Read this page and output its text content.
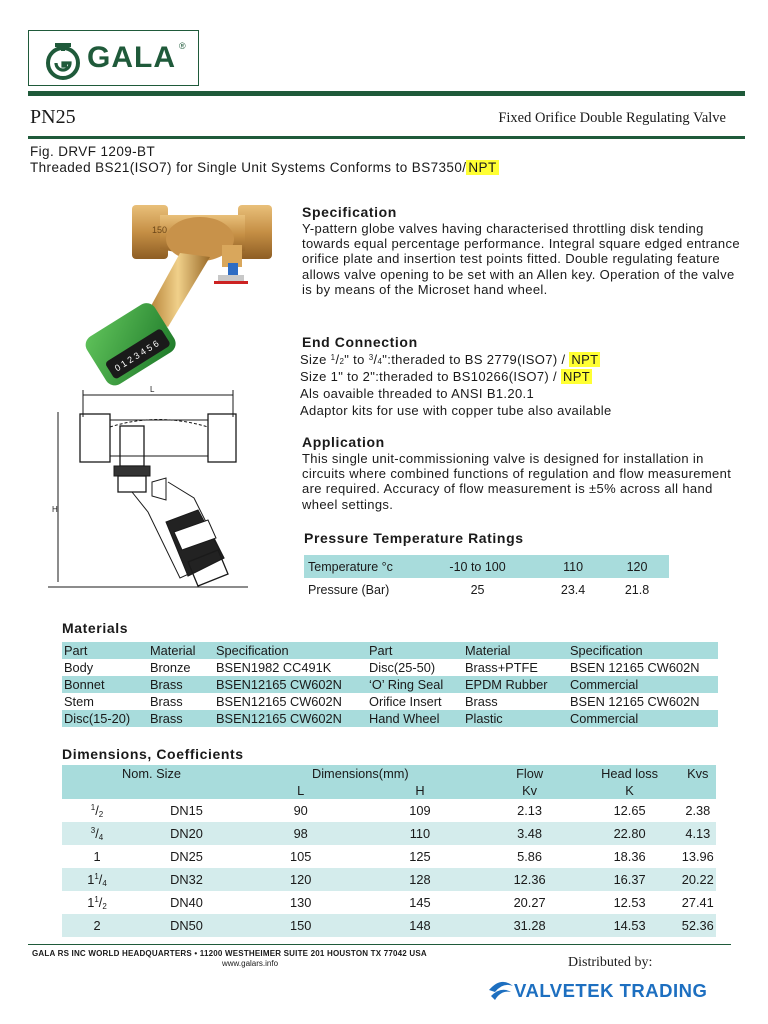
GALA ®
PN25	Fixed Orifice Double Regulating Valve
Fig. DRVF 1209-BT
Threaded BS21(ISO7) for Single Unit Systems Conforms to BS7350/ NPT
150
0 1 2 3 4 5 6
L
H
Specification
Y-pattern globe valves having characterised throttling disk tending towards equal percentage performance. Integral square edged entrance orifice plate and insertion test points fitted. Double regulating feature allows valve opening to be set with an Allen key. Operation of the valve is by means of the Microset hand wheel.
End Connection
Size $^1$/2" to $^3$/4":theraded to BS 2779(ISO7) / NPT
Size 1" to 2":theraded to BS10266(ISO7) / NPT
Als oavaible threaded to ANSI B1.20.1
Adaptor kits for use with copper tube also available
Application
This single unit-commissioning valve is designed for installation in circuits where combined functions of regulation and flow measurement are required. Accuracy of flow measurement is ±5% across all hand wheel settings.
Pressure Temperature Ratings
Temperature °c	-10 to 100	110	120
Pressure (Bar)	25	23.4	21.8
Materials
Part	Material	Specification	Part	Material	Specification
Body	Bronze	BSEN1982 CC491K	Disc(25-50)	Brass+PTFE	BSEN 12165 CW602N
Bonnet	Brass	BSEN12165 CW602N	‘O’ Ring Seal	EPDM Rubber	Commercial
Stem	Brass	BSEN12165 CW602N	Orifice Insert	Brass	BSEN 12165 CW602N
Disc(15-20)	Brass	BSEN12165 CW602N	Hand Wheel	Plastic	Commercial
Dimensions, Coefficients
Nom. Size		Dimensions(mm)		Flow	Head loss	Kvs
		L	H	Kv	K	
$^1/_2$	DN15	90	109	2.13	12.65	2.38
$^3/_4$	DN20	98	110	3.48	22.80	4.13
1	DN25	105	125	5.86	18.36	13.96
$1^1/_4$	DN32	120	128	12.36	16.37	20.22
$1^1/_2$	DN40	130	145	20.27	12.53	27.41
2	DN50	150	148	31.28	14.53	52.36
GALA RS INC WORLD HEADQUARTERS • 11200 WESTHEIMER SUITE 201 HOUSTON TX 77042 USA
www.galars.info	Distributed by:
VALVETEK TRADING
